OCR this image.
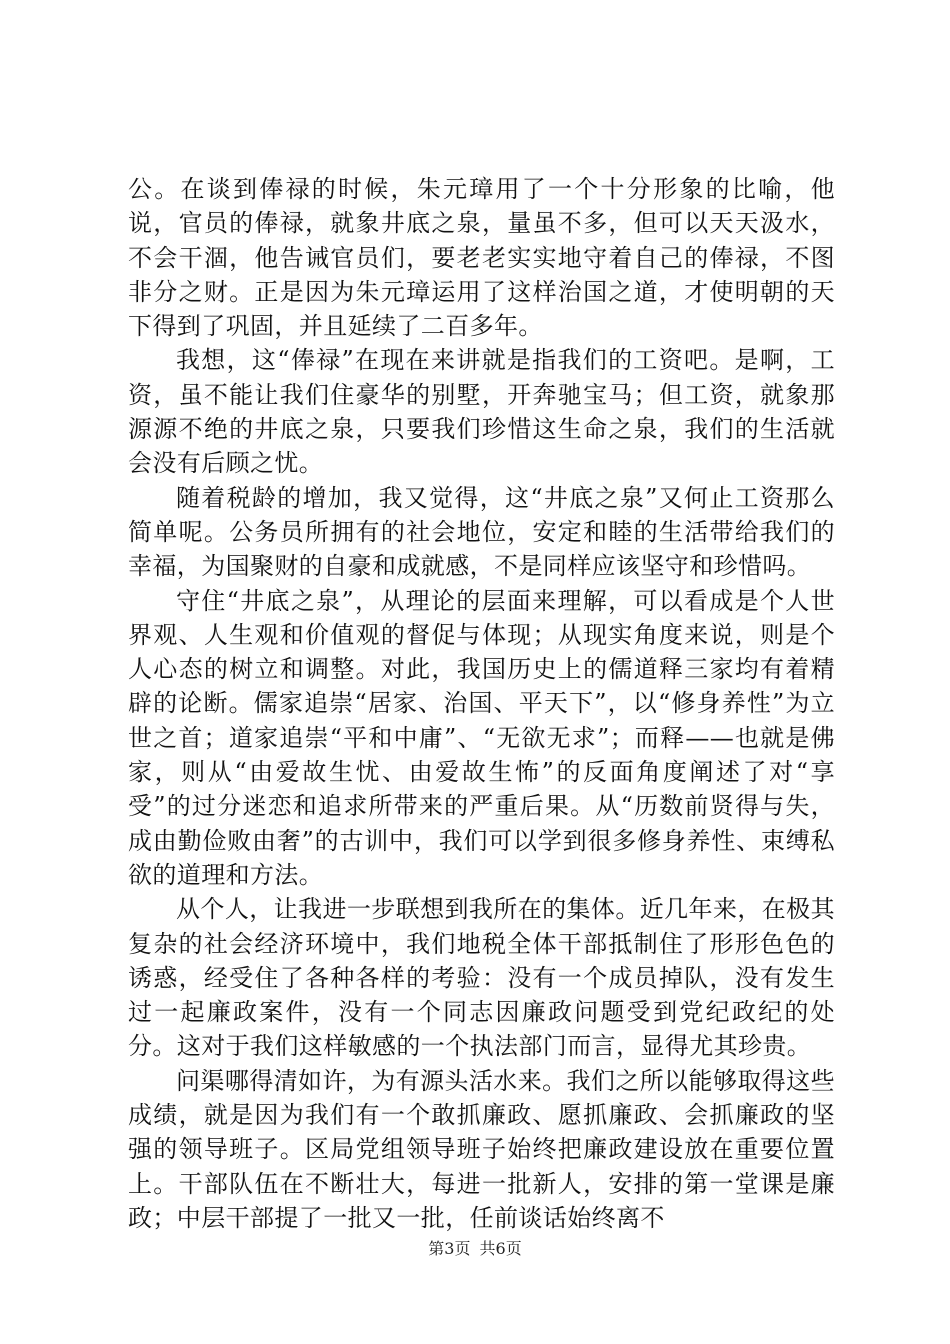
公。在谈到俸禄的时候，朱元璋用了一个十分形象的比喻，他说，官员的俸禄，就象井底之泉，量虽不多，但可以天天汲水，不会干涸，他告诫官员们，要老老实实地守着自己的俸禄，不图非分之财。正是因为朱元璋运用了这样治国之道，才使明朝的天下得到了巩固，并且延续了二百多年。

我想，这“俸禄”在现在来讲就是指我们的工资吧。是啊，工资，虽不能让我们住豪华的别墅，开奔驰宝马；但工资，就象那源源不绝的井底之泉，只要我们珍惜这生命之泉，我们的生活就会没有后顾之忧。

随着税龄的增加，我又觉得，这“井底之泉”又何止工资那么简单呢。公务员所拥有的社会地位，安定和睦的生活带给我们的幸福，为国聚财的自豪和成就感，不是同样应该坚守和珍惜吗。

守住“井底之泉”，从理论的层面来理解，可以看成是个人世界观、人生观和价值观的督促与体现；从现实角度来说，则是个人心态的树立和调整。对此，我国历史上的儒道释三家均有着精辟的论断。儒家追崇“居家、治国、平天下”，以“修身养性”为立世之首；道家追崇“平和中庸”、“无欲无求”；而释——也就是佛家，则从“由爱故生忧、由爱故生怖”的反面角度阐述了对“享受”的过分迷恋和追求所带来的严重后果。从“历数前贤得与失，成由勤俭败由奢”的古训中，我们可以学到很多修身养性、束缚私欲的道理和方法。

从个人，让我进一步联想到我所在的集体。近几年来，在极其复杂的社会经济环境中，我们地税全体干部抵制住了形形色色的诱惑，经受住了各种各样的考验：没有一个成员掉队，没有发生过一起廉政案件，没有一个同志因廉政问题受到党纪政纪的处分。这对于我们这样敏感的一个执法部门而言，显得尤其珍贵。

问渠哪得清如许，为有源头活水来。我们之所以能够取得这些成绩，就是因为我们有一个敢抓廉政、愿抓廉政、会抓廉政的坚强的领导班子。区局党组领导班子始终把廉政建设放在重要位置上。干部队伍在不断壮大，每进一批新人，安排的第一堂课是廉政；中层干部提了一批又一批，任前谈话始终离不

第3页 共6页
